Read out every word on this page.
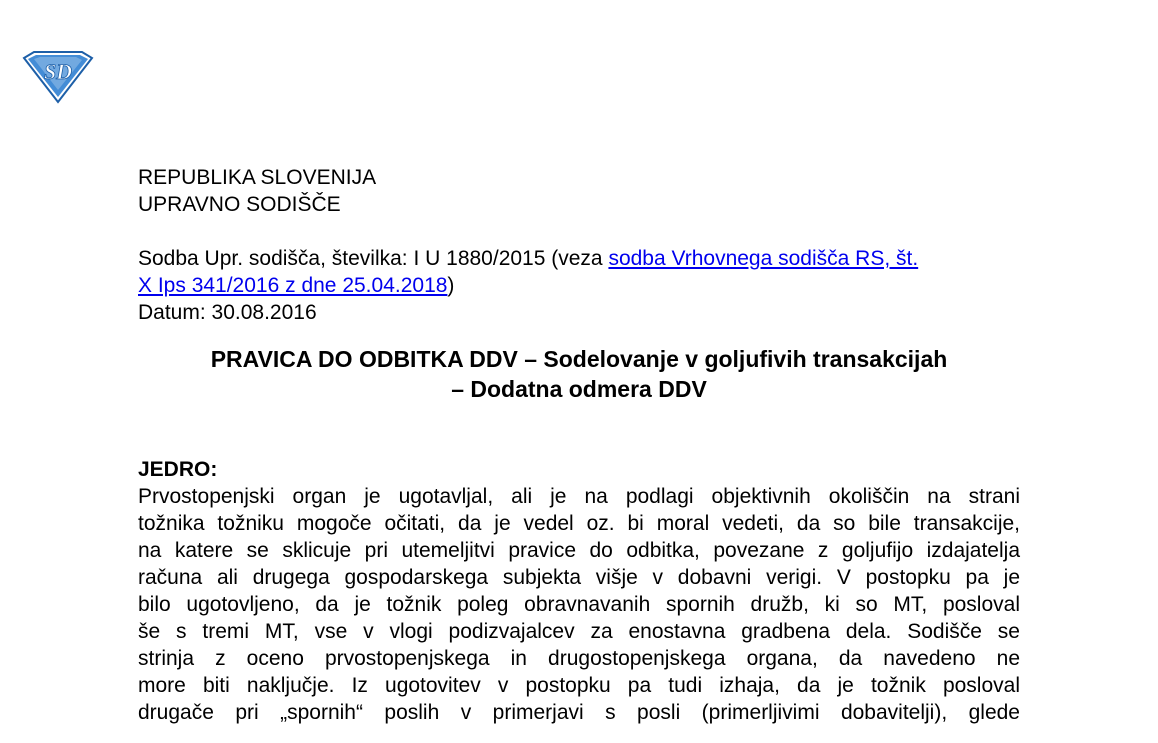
SD
REPUBLIKA SLOVENIJA
UPRAVNO SODIŠČE
Sodba Upr. sodišča, številka: I U 1880/2015 (veza sodba Vrhovnega sodišča RS, št.
X Ips 341/2016 z dne 25.04.2018)
Datum: 30.08.2016
PRAVICA DO ODBITKA DDV – Sodelovanje v goljufivih transakcijah
– Dodatna odmera DDV
JEDRO:
Prvostopenjski organ je ugotavljal, ali je na podlagi objektivnih okoliščin na strani
tožnika tožniku mogoče očitati, da je vedel oz. bi moral vedeti, da so bile transakcije,
na katere se sklicuje pri utemeljitvi pravice do odbitka, povezane z goljufijo izdajatelja
računa ali drugega gospodarskega subjekta višje v dobavni verigi. V postopku pa je
bilo ugotovljeno, da je tožnik poleg obravnavanih spornih družb, ki so MT, posloval
še s tremi MT, vse v vlogi podizvajalcev za enostavna gradbena dela. Sodišče se
strinja z oceno prvostopenjskega in drugostopenjskega organa, da navedeno ne
more biti naključje. Iz ugotovitev v postopku pa tudi izhaja, da je tožnik posloval
drugače pri „spornih“ poslih v primerjavi s posli (primerljivimi dobavitelji), glede
